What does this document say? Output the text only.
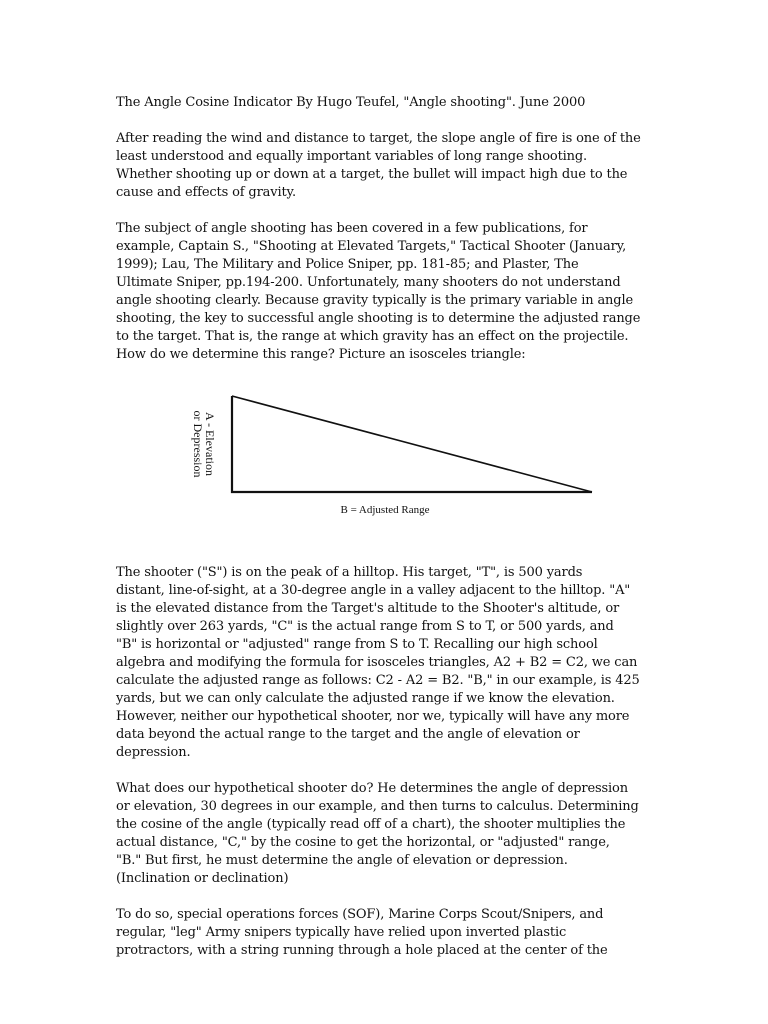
The Angle Cosine Indicator By Hugo Teufel, "Angle shooting". June 2000
After reading the wind and distance to target, the slope angle of fire is one of the
least understood and equally important variables of long range shooting.
Whether shooting up or down at a target, the bullet will impact high due to the
cause and effects of gravity.
The subject of angle shooting has been covered in a few publications, for
example, Captain S., "Shooting at Elevated Targets," Tactical Shooter (January,
1999); Lau, The Military and Police Sniper, pp. 181-85; and Plaster, The
Ultimate Sniper, pp.194-200. Unfortunately, many shooters do not understand
angle shooting clearly. Because gravity typically is the primary variable in angle
shooting, the key to successful angle shooting is to determine the adjusted range
to the target. That is, the range at which gravity has an effect on the projectile.
How do we determine this range? Picture an isosceles triangle:
A - Elevation
or Depression
B = Adjusted Range
The shooter ("S") is on the peak of a hilltop. His target, "T", is 500 yards
distant, line-of-sight, at a 30-degree angle in a valley adjacent to the hilltop. "A"
is the elevated distance from the Target's altitude to the Shooter's altitude, or
slightly over 263 yards, "C" is the actual range from S to T, or 500 yards, and
"B" is horizontal or "adjusted" range from S to T. Recalling our high school
algebra and modifying the formula for isosceles triangles, A2 + B2 = C2, we can
calculate the adjusted range as follows: C2 - A2 = B2. "B," in our example, is 425
yards, but we can only calculate the adjusted range if we know the elevation.
However, neither our hypothetical shooter, nor we, typically will have any more
data beyond the actual range to the target and the angle of elevation or
depression.
What does our hypothetical shooter do? He determines the angle of depression
or elevation, 30 degrees in our example, and then turns to calculus. Determining
the cosine of the angle (typically read off of a chart), the shooter multiplies the
actual distance, "C," by the cosine to get the horizontal, or "adjusted" range,
"B." But first, he must determine the angle of elevation or depression.
(Inclination or declination)
To do so, special operations forces (SOF), Marine Corps Scout/Snipers, and
regular, "leg" Army snipers typically have relied upon inverted plastic
protractors, with a string running through a hole placed at the center of the
